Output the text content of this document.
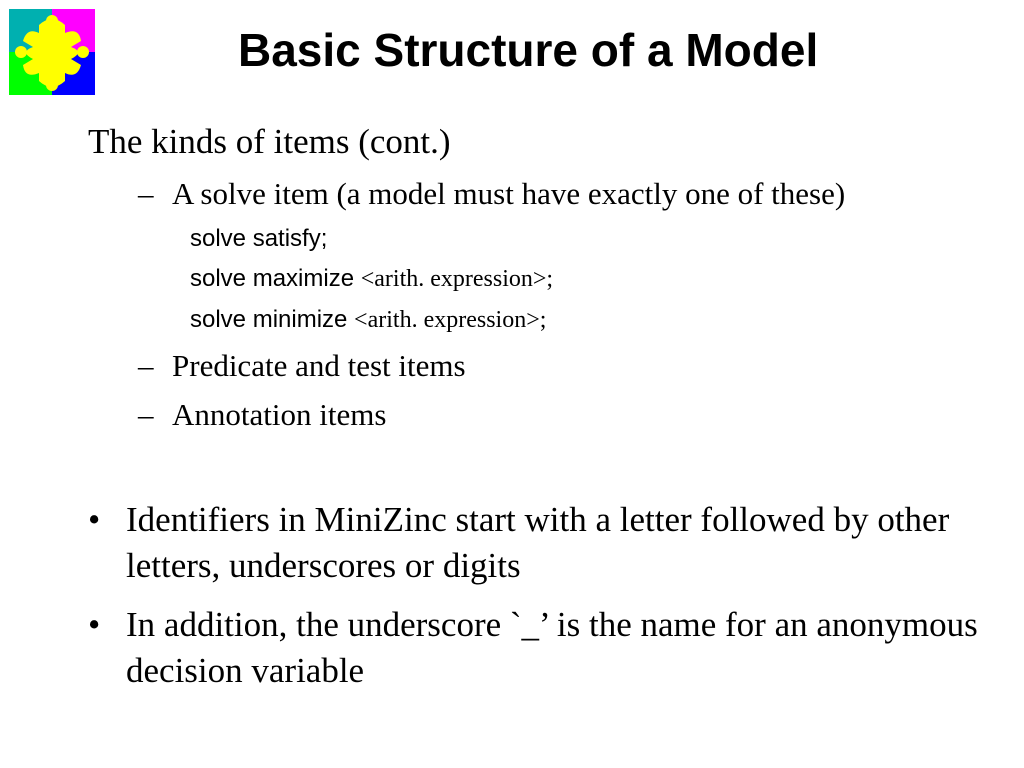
Basic Structure of a Model
The kinds of items (cont.)
– A solve item (a model must have exactly one of these)
solve satisfy;
solve maximize <arith. expression>;
solve minimize <arith. expression>;
– Predicate and test items
– Annotation items
• Identifiers in MiniZinc start with a letter followed by other letters, underscores or digits
• In addition, the underscore `_’ is the name for an anonymous decision variable
